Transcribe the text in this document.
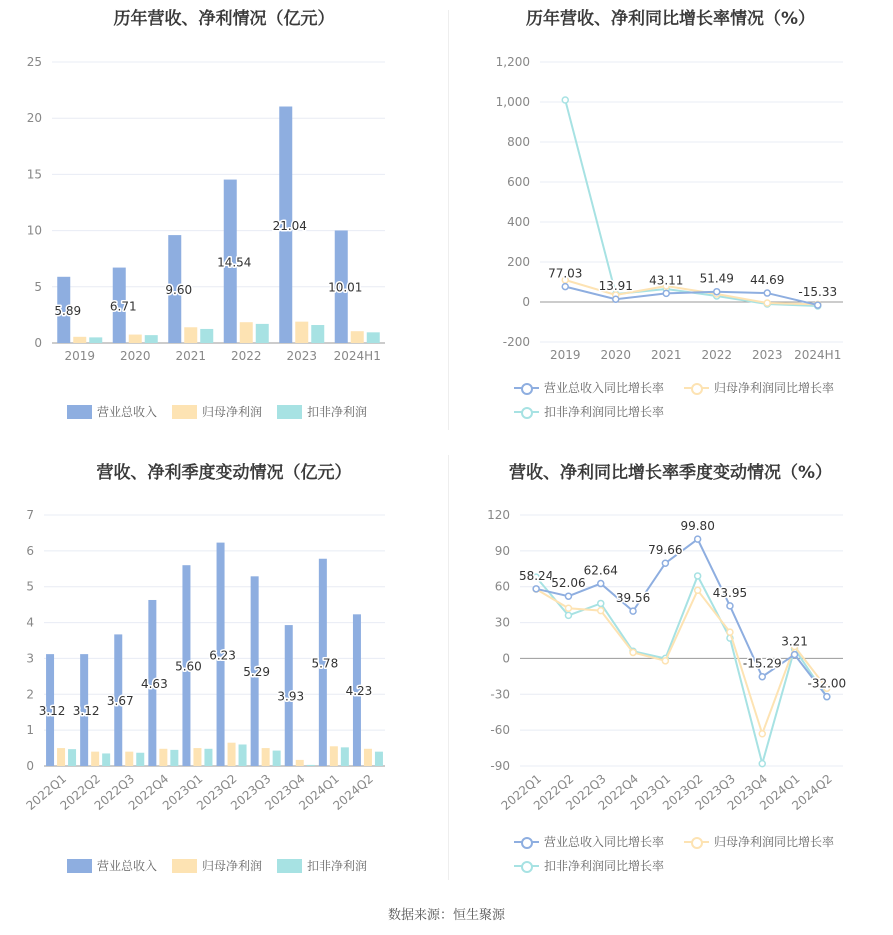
历年营收、净利情况（亿元）
0
5
10
15
20
25
2019 2020 2021 2022 2023 2024H1
5.89 6.71
9.60
14.54
21.04
10.01
营业总收入	归母净利润	扣非净利润
历年营收、净利同比增长率情况（%）
-200
0
200
400
600
800
1,000
1,200
2019 2020 2021 2022 2023 2024H1
77.03
13.91 43.11 51.49 44.69
-15.33
营业总收入同比增长率	归母净利润同比增长率
扣非净利润同比增长率
营收、净利季度变动情况（亿元）
0
1
2
3
4
5
6
7
2022Q1
2022Q2
2022Q3
2022Q4
2023Q1
2023Q2
2023Q3
2023Q4
2024Q1
2024Q2
3.12 3.12
3.67
4.63
5.60
6.23
5.29
3.93
5.78
4.23
营业总收入	归母净利润	扣非净利润
营收、净利同比增长率季度变动情况（%）
-90
-60
-30
0
30
60
90
120
2022Q1
2022Q2
2022Q3
2022Q4
2023Q1
2023Q2
2023Q3
2023Q4
2024Q1
2024Q2
58.24
52.06
62.64
39.56
79.66
99.80
43.95
-15.29
3.21
-32.00
营业总收入同比增长率	归母净利润同比增长率
扣非净利润同比增长率
数据来源：恒生聚源
